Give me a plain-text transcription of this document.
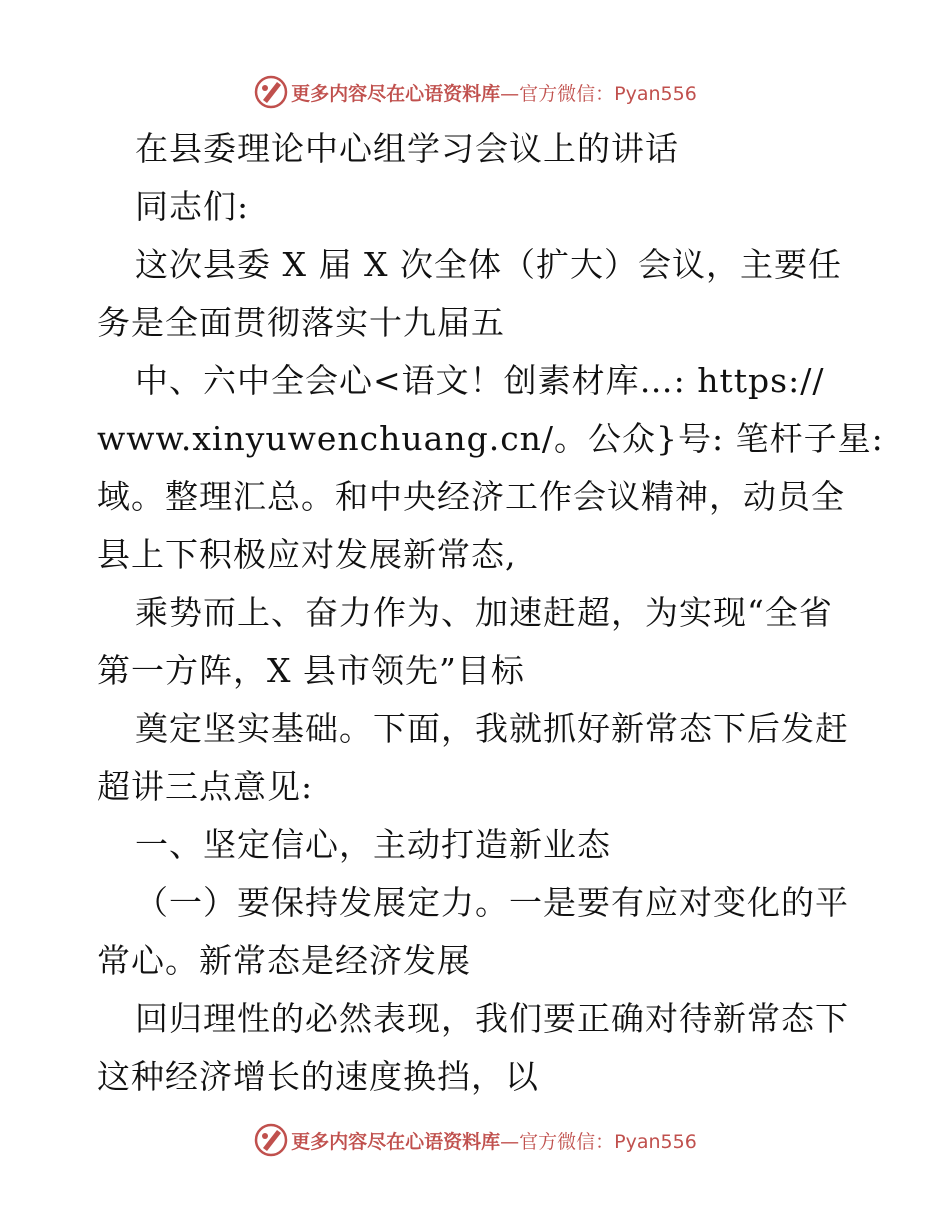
更多内容尽在心语资料库—官方微信：Pyan556

在县委理论中心组学习会议上的讲话

同志们:

这次县委 X 届 X 次全体（扩大）会议，主要任

务是全面贯彻落实十九届五

中、六中全会心<语文！创素材库…: https://

www.xinyuwenchuang.cn/。公众}号: 笔杆子星:

域。整理汇总。和中央经济工作会议精神，动员全

县上下积极应对发展新常态,

乘势而上、奋力作为、加速赶超，为实现“全省

第一方阵，X 县市领先”目标

奠定坚实基础。下面，我就抓好新常态下后发赶

超讲三点意见:

一、坚定信心，主动打造新业态

（一）要保持发展定力。一是要有应对变化的平

常心。新常态是经济发展

回归理性的必然表现，我们要正确对待新常态下

这种经济增长的速度换挡，以

更多内容尽在心语资料库—官方微信：Pyan556
